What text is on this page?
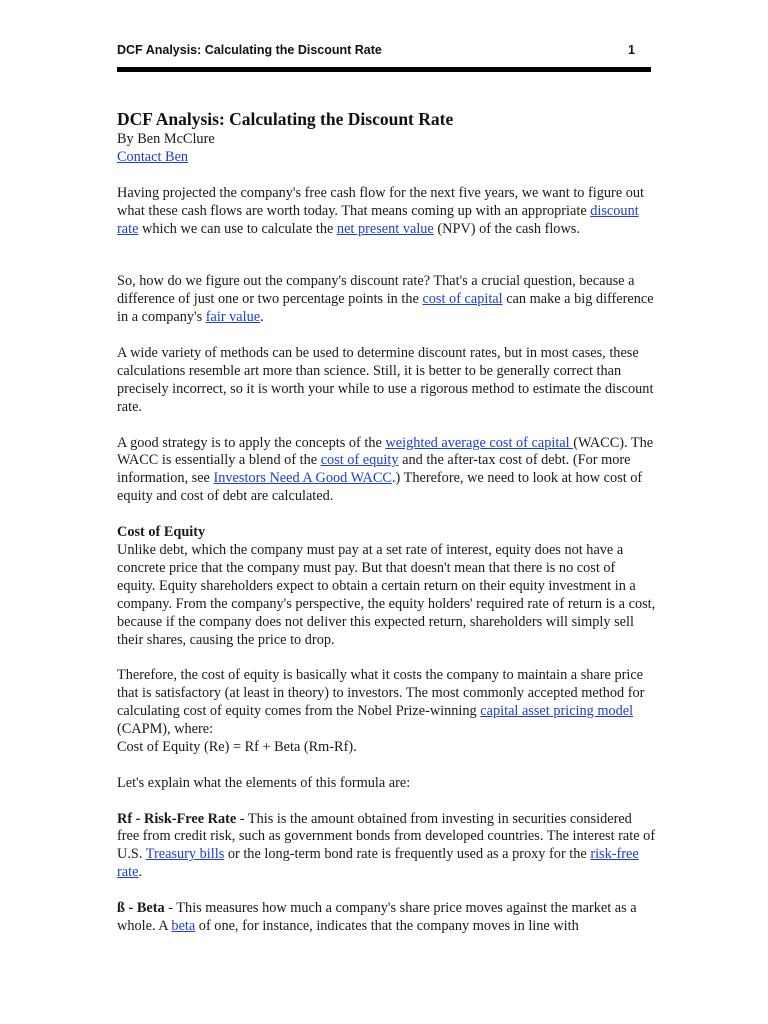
DCF Analysis: Calculating the Discount Rate	1
DCF Analysis: Calculating the Discount Rate

By Ben McClure
Contact Ben

Having projected the company's free cash flow for the next five years, we want to figure out what these cash flows are worth today. That means coming up with an appropriate discount rate which we can use to calculate the net present value (NPV) of the cash flows.

So, how do we figure out the company's discount rate? That's a crucial question, because a difference of just one or two percentage points in the cost of capital can make a big difference in a company's fair value.

A wide variety of methods can be used to determine discount rates, but in most cases, these calculations resemble art more than science. Still, it is better to be generally correct than precisely incorrect, so it is worth your while to use a rigorous method to estimate the discount rate.

A good strategy is to apply the concepts of the weighted average cost of capital (WACC). The WACC is essentially a blend of the cost of equity and the after-tax cost of debt. (For more information, see Investors Need A Good WACC.) Therefore, we need to look at how cost of equity and cost of debt are calculated.

Cost of Equity
Unlike debt, which the company must pay at a set rate of interest, equity does not have a concrete price that the company must pay. But that doesn't mean that there is no cost of equity. Equity shareholders expect to obtain a certain return on their equity investment in a company. From the company's perspective, the equity holders' required rate of return is a cost, because if the company does not deliver this expected return, shareholders will simply sell their shares, causing the price to drop.

Therefore, the cost of equity is basically what it costs the company to maintain a share price that is satisfactory (at least in theory) to investors. The most commonly accepted method for calculating cost of equity comes from the Nobel Prize-winning capital asset pricing model (CAPM), where:
Cost of Equity (Re) = Rf + Beta (Rm-Rf).

Let's explain what the elements of this formula are:

Rf - Risk-Free Rate - This is the amount obtained from investing in securities considered free from credit risk, such as government bonds from developed countries. The interest rate of U.S. Treasury bills or the long-term bond rate is frequently used as a proxy for the risk-free rate.

ß - Beta - This measures how much a company's share price moves against the market as a whole. A beta of one, for instance, indicates that the company moves in line with
